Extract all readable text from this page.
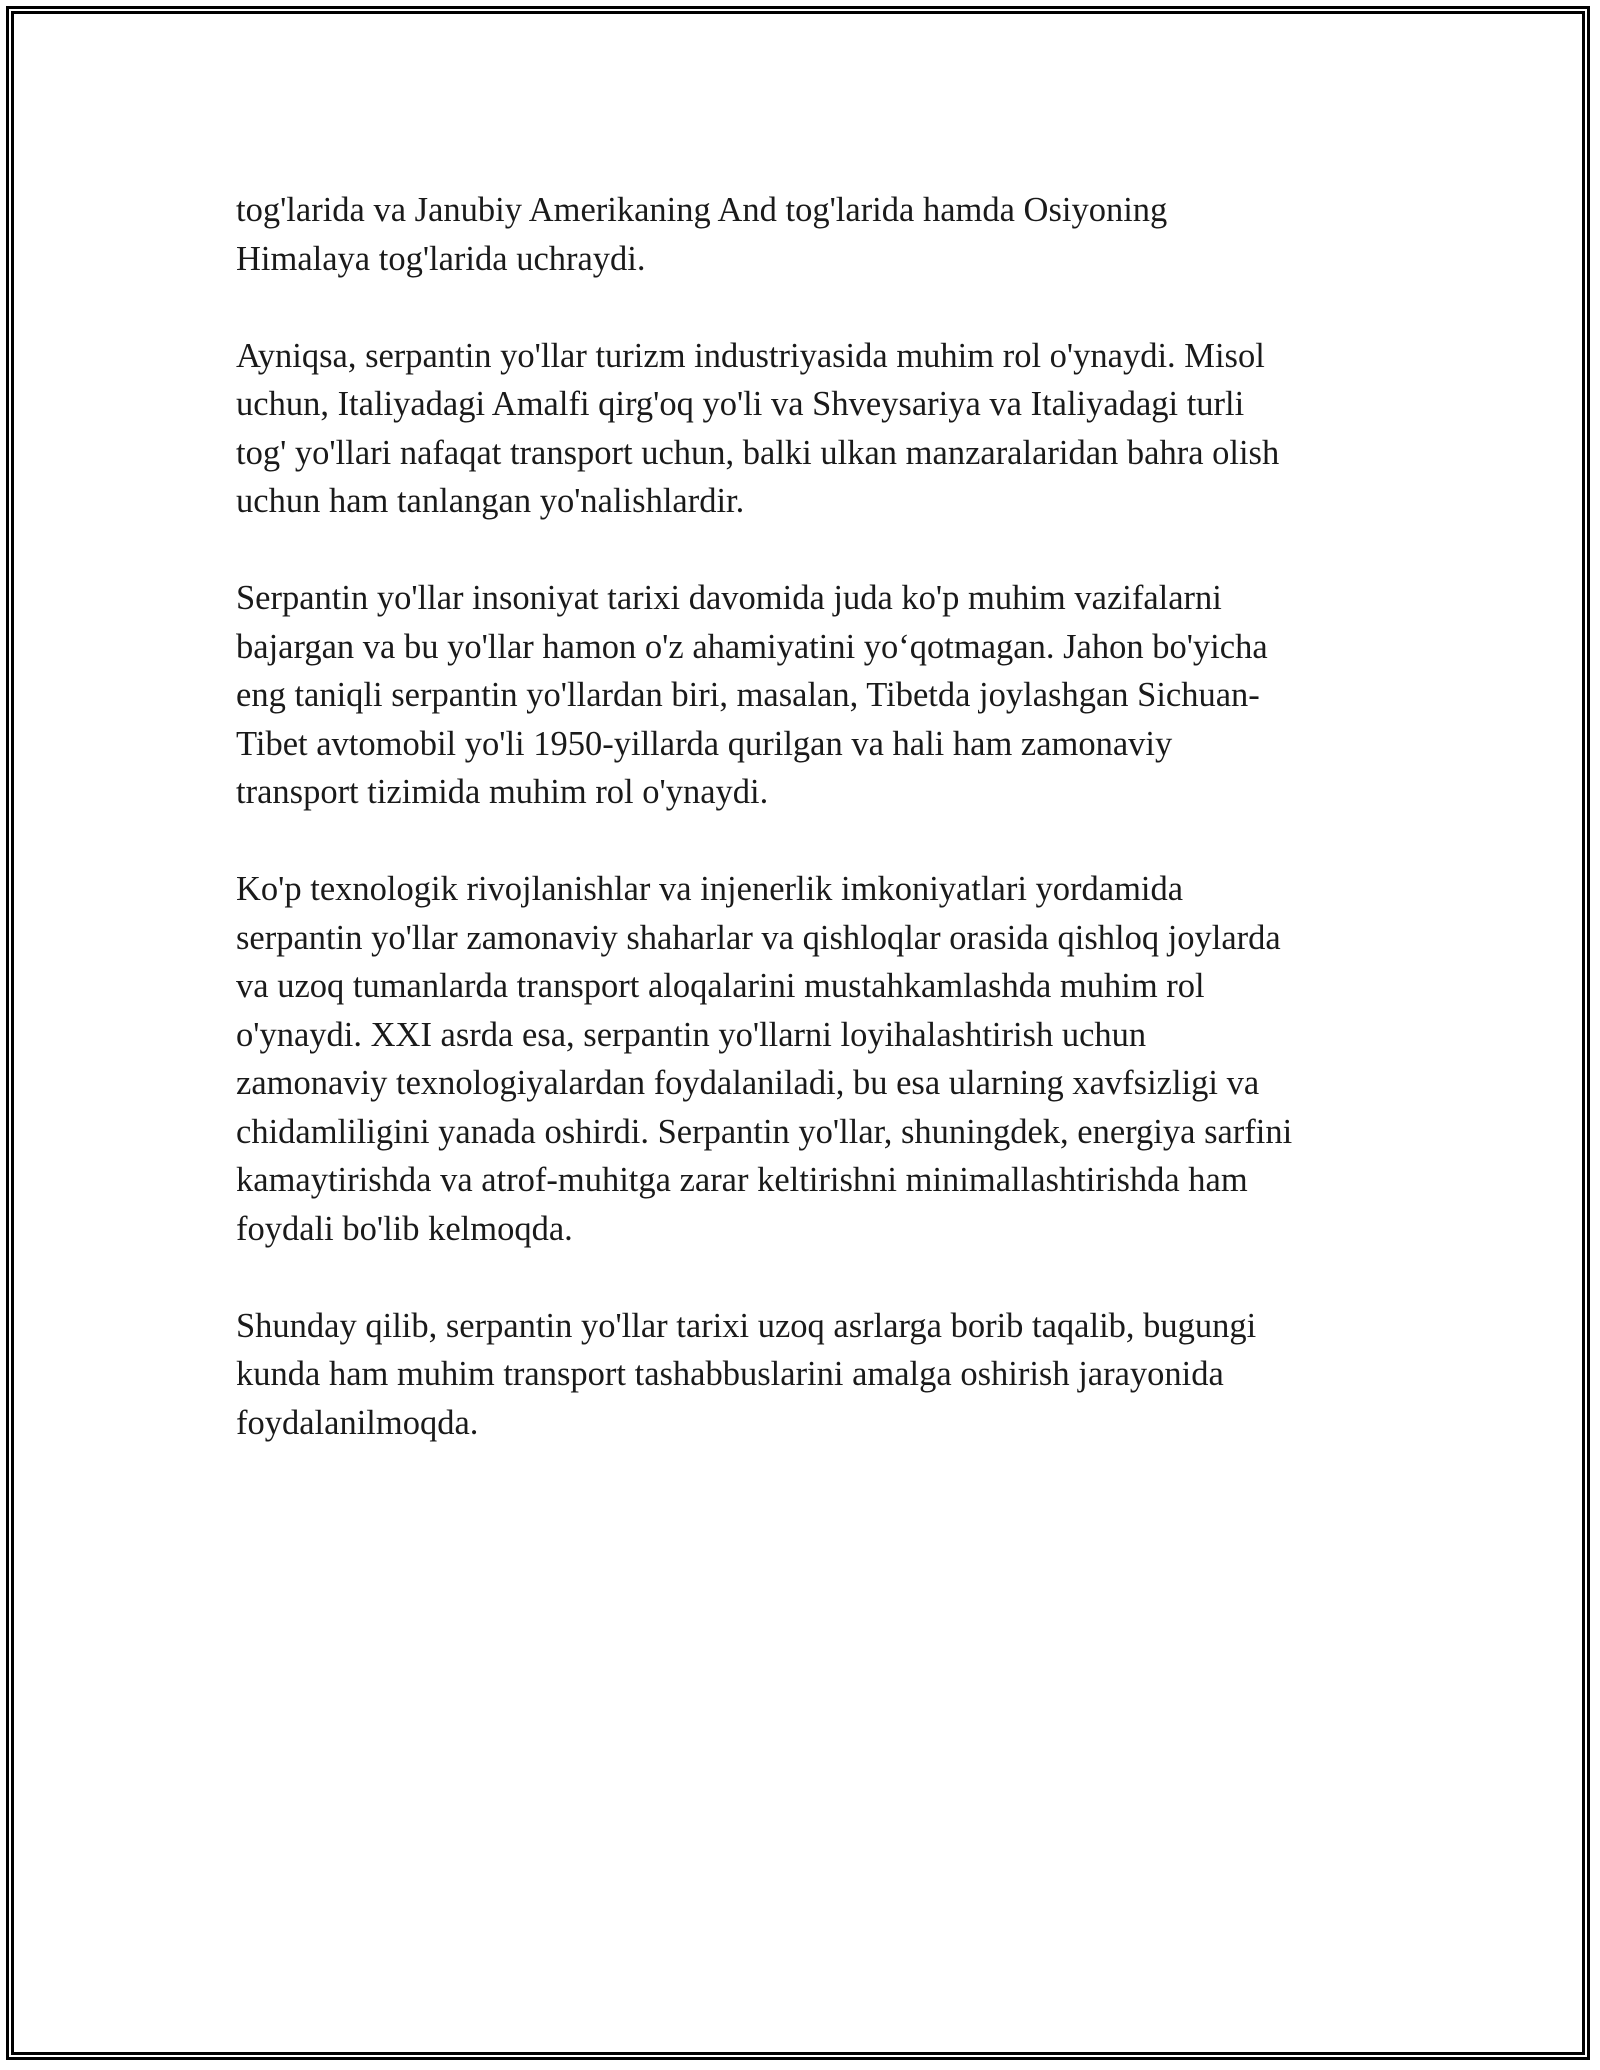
tog'larida va Janubiy Amerikaning And tog'larida hamda Osiyoning
Himalaya tog'larida uchraydi.

Ayniqsa, serpantin yo'llar turizm industriyasida muhim rol o'ynaydi. Misol
uchun, Italiyadagi Amalfi qirg'oq yo'li va Shveysariya va Italiyadagi turli
tog' yo'llari nafaqat transport uchun, balki ulkan manzaralaridan bahra olish
uchun ham tanlangan yo'nalishlardir.

Serpantin yo'llar insoniyat tarixi davomida juda ko'p muhim vazifalarni
bajargan va bu yo'llar hamon o'z ahamiyatini yo‘qotmagan. Jahon bo'yicha
eng taniqli serpantin yo'llardan biri, masalan, Tibetda joylashgan Sichuan-
Tibet avtomobil yo'li 1950-yillarda qurilgan va hali ham zamonaviy
transport tizimida muhim rol o'ynaydi.

Ko'p texnologik rivojlanishlar va injenerlik imkoniyatlari yordamida
serpantin yo'llar zamonaviy shaharlar va qishloqlar orasida qishloq joylarda
va uzoq tumanlarda transport aloqalarini mustahkamlashda muhim rol
o'ynaydi. XXI asrda esa, serpantin yo'llarni loyihalashtirish uchun
zamonaviy texnologiyalardan foydalaniladi, bu esa ularning xavfsizligi va
chidamliligini yanada oshirdi. Serpantin yo'llar, shuningdek, energiya sarfini
kamaytirishda va atrof-muhitga zarar keltirishni minimallashtirishda ham
foydali bo'lib kelmoqda.

Shunday qilib, serpantin yo'llar tarixi uzoq asrlarga borib taqalib, bugungi
kunda ham muhim transport tashabbuslarini amalga oshirish jarayonida
foydalanilmoqda.
